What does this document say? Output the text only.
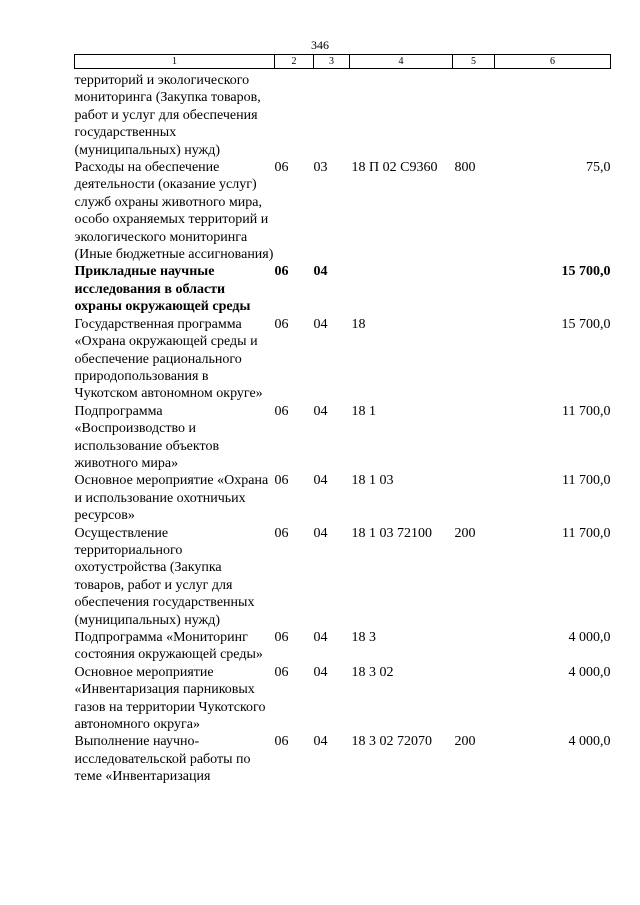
346
1	2	3	4	5	6
территорий и экологического мониторинга (Закупка товаров, работ и услуг для обеспечения государственных (муниципальных) нужд)					
Расходы на обеспечение деятельности (оказание услуг) служб охраны животного мира, особо охраняемых территорий и экологического мониторинга (Иные бюджетные ассигнования)	06	03	18 П 02 С9360	800	75,0
Прикладные научные исследования в области охраны окружающей среды	06	04			15 700,0
Государственная программа «Охрана окружающей среды и обеспечение рационального природопользования в Чукотском автономном округе»	06	04	18		15 700,0
Подпрограмма «Воспроизводство и использование объектов животного мира»	06	04	18 1		11 700,0
Основное мероприятие «Охрана и использование охотничьих ресурсов»	06	04	18 1 03		11 700,0
Осуществление территориального охотустройства (Закупка товаров, работ и услуг для обеспечения государственных (муниципальных) нужд)	06	04	18 1 03 72100	200	11 700,0
Подпрограмма «Мониторинг состояния окружающей среды»	06	04	18 3		4 000,0
Основное мероприятие «Инвентаризация парниковых газов на территории Чукотского автономного округа»	06	04	18 3 02		4 000,0
Выполнение научно-исследовательской работы по теме «Инвентаризация	06	04	18 3 02 72070	200	4 000,0
